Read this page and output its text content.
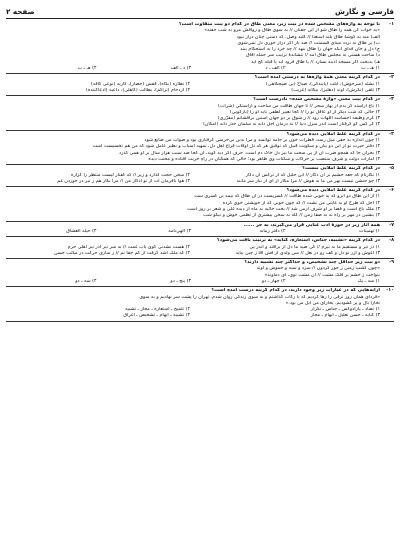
فارسی و نگارش
صفحه ۲
۱-
با توجه به واژه‌های مشخص شده در بیت زیر، معنی طاق در کدام دو بیت متفاوت است؟
«به خواب کن همه را طاق شو از این جفتان // به سوی طاق و رواقش مرو به شب خفته»
الف) منه به گوشهٔ طاق بلند استغنا // کلید وصل، که دستی چنان دراز نبود
ب) بر طاق نه تردد مینای قسمتت // صد بار اگر دراز خوری دل نمی‌شوی
ج) دل و جان فدای آنکه جهان را طاق بنهد // چه خرد را به استحکام ببند
د) ساحت هستی به مجلس طاق آمد // بنشاندهٔ ترتیب سر جمله آفاق
هـ) بدبخت اگر مسجد آدینه بسازد // یا طاق فرود آید یا قبله کج آید
۱) هـ ـ ب
۲) الف ـ د
۳) د ـ الف
۴) هـ ـ ب
۲-
در کدام گزینه معنی همهٔ واژه‌ها به درستی آمده است؟
۱) نشئه (سرخوش)، ابلت (پایندگی)، صباح (بی صبحگاهی)
۲) نظاره (نگاه)، قفس (حصار)، کاریه (نوعی کافه)
۳) تلقی (نگرش)، آوند (دهلیز)، بیگانه (غریب)
۴) ازدحام (تراکم)، بطالت (کاهلی)، داعیه (ادعاکننده)
۳-
در کدام بیت معنی «واژهٔ مشخص شده» نادرست است؟
۱) باغ آراسته گر بدم از بهار سحر // تا جهان طاقت من ساخت و آراستگی (شراب)
۲) حالی که شب دیگر از او عاقل تو را // کجا تعبیر لطفی باید او را (بازگویی)
۳) گرم وظیفه احساسه اللهات رود // ز شوق بر دو جهان آستین برافشانم (مقرّری)
۴) گر کس کو گرفتار است اندر منزل دنیا // نه درمان اجل دانه نه سلمان حذر داند (امکان)
۴-
در کدام گزینه غلط املایی دیده می‌شود؟
۱) چون اندازه به حقی میل رسد، قطرات خون بر جامه توانمند و مرا بدین بی‌حرمتی گرفتاری بود و صواب من ضایع شود
۲) دفتر حیرت تو از این دو بیان و سکونت قبیل که توفیق هر که دل اوقات فراغ اهل دل، تمهید اسباب و نظیر عامل شود که من هم تخسیست است
۳) بحران جا که همچو ضرب آن از پی سخت ما نیز دل خاک دم است. حرف اگر دید گوید، آن کجا صد سبب هزار سال یر او همی گذرد
۴) امارات دولت و شرف منتصب بر حرکات و سکنات وی ظاهر بود؛ حالی که همگنان در راهِ خربت افتاده و محنت دیده
۵-
در کدام گزینه غلط املایی نیست؟
۱) نگارنام که جعه‌ حشیم بر آن دگار // این حلیل که از نرگس آن دگار
۲) سخن حجت گذارد و زیر // که گفتار لیست منتظر را گزاره
۳) چو جنشن تیست بهر من ما به هوش // مرا مکار از ای از نیاز سر مانند
۴) هوا نافرمان ات از تو اذکار من // مرا نگار هم ز تیر در خوردن غم
۶-
در کدام گزینه غلط املایی دیده می‌شود؟
۱) از این طاق دو ابرو که به خوبی شده طاقت // کسریست در آن طاق که بیمه بن کسری ست
۲) اجل که طرح او به غایتی من نشت // که چون خوبی که از خویشتن خوی کرده
۳) ملک باغ است و فضا بر او شرف آرمن شد // بخت خائیه نه ماه از دیده غلی و شعر بر روز است
۴) بنشین در مهر بر راه نه به صفا زمن // گله به سخن بیشتری از نظمی خوش و نیکو شب
۷-
همه آثار زیر در حوزهٔ ادب غنایی قرار می‌گیرند، به جز ......
۱) تهمینات
۲) دفتر زمانه
۳) الهی‌نامه
۴) حیله العشاق
۸-
در کدام گزینه «تشبیه، جناس، استعاره، کنایه» به ترتیب یافت می‌شود؟
۱) ذر تیر و مستقیم ما به تیرم // کی صید ما دل از برافتد و اندر پی
۲) هست نشدنی کوی باب غمت // به سر تیر آذر تیر اهلی خرم
۳) آغوش و آزر تو دل و کف رو در بغل // سن ولدی از فش اقا ز چین بیاید
۴) که ملک اشد گرفت از گم جفا نم // ز ساری حرکت در مکتب حسن
۹-
دو بیت زیر حداقل چند تشخیص، و حداکثر چند تشبیه دارند؟
«چون گشتِ زمین ز جور گردون // سرد و سیه و خموش و آوند
بنواخت ز خشم بر فلک مشت // آن مشت توی، ای دماوند»
۱) سه ـ یک
۲) چهار ـ دو
۳) پنج ـ دو
۴) سه ـ دو
۱۰-
آرایه‌هایی که در عبارات زیر وجود دارند، در کدام گزینه درست آمده است؟
«فردای همان روز ترقی را رها کردیم که با رکاب گذاشتم و به سوی زندگی روان شدم. تهران را پشت سر نهادیم و به سوی
بخارا بال و پر گشودیم. بخارای من ایل من بود.»
۱) تضاد ـ پارادوکس ـ جناس ـ تکرار
۲) تلمیح ـ استعاره ـ مجاز ـ تشبیه
۳) کنایه ـ حسن تعلیل ـ ایهام ـ مجاز
۴) تشبیه ـ ایهام ـ تشخیص ـ اغراق
